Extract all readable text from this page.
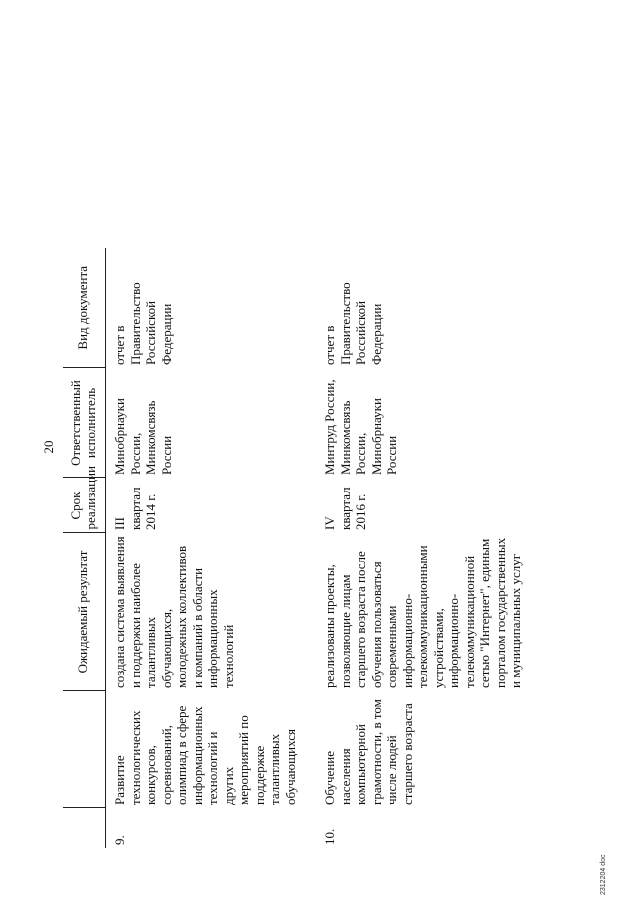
20
		Ожидаемый результат	Срок реализации	Ответственный исполнитель	Вид документа	
9.	Развитие технологических конкурсов, соревнований, олимпиад в сфере информационных технологий и других мероприятий по поддержке талантливых обучающихся	создана система выявления и поддержки наиболее талантливых обучающихся, молодежных коллективов и компаний в области информационных технологий	III квартал 2014 г.	Минобрнауки России, Минкомсвязь России	отчет в Правительство Российской Федерации	

10.	Обучение населения компьютерной грамотности, в том числе людей старшего возраста	реализованы проекты, позволяющие лицам старшего возраста после обучения пользоваться современными информационно-телекоммуникационными устройствами, информационно-телекоммуникационной сетью "Интернет", единым порталом государственных и муниципальных услуг	IV квартал 2016 г.	Минтруд России, Минкомсвязь России, Минобрнауки России	отчет в Правительство Российской Федерации	
2312204 doc
